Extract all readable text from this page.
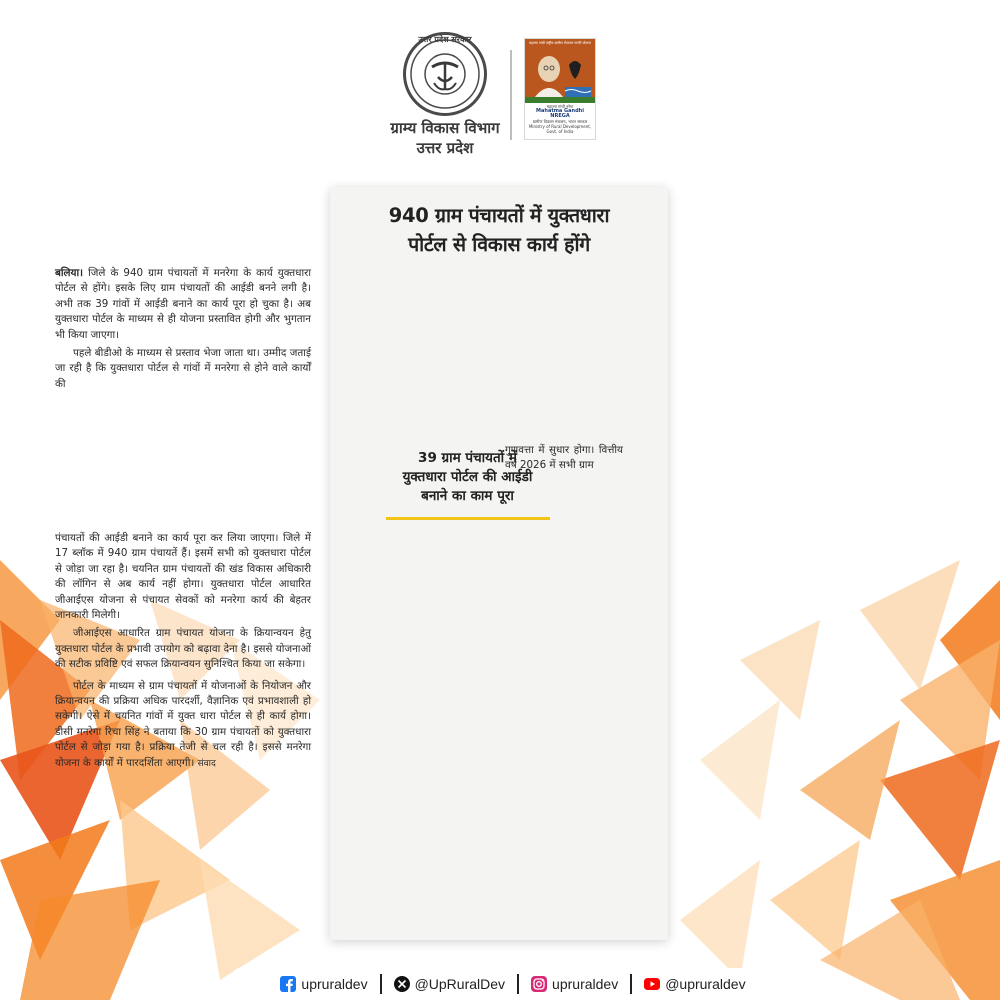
उत्तर प्रदेश सरकार
ग्राम्य विकास विभाग
उत्तर प्रदेश
महात्मा गांधी राष्ट्रीय ग्रामीण रोजगार गारंटी योजना
महात्मा गांधी नरेगा
Mahatma Gandhi NREGA
ग्रामीण विकास मंत्रालय, भारत सरकार
Ministry of Rural Development, Govt. of India
940 ग्राम पंचायतों में युक्तधारा
पोर्टल से विकास कार्य होंगे

बलिया। जिले के 940 ग्राम पंचायतों में मनरेगा के कार्य युक्तधारा पोर्टल से होंगे। इसके लिए ग्राम पंचायतों की आईडी बनने लगी है। अभी तक 39 गांवों में आईडी बनाने का कार्य पूरा हो चुका है। अब युक्तधारा पोर्टल के माध्यम से ही योजना प्रस्तावित होगी और भुगतान भी किया जाएगा।

पहले बीडीओ के माध्यम से प्रस्ताव भेजा जाता था। उम्मीद जताई जा रही है कि युक्तधारा पोर्टल से गांवों में मनरेगा से होने वाले कार्यों की

39 ग्राम पंचायतों में
युक्तधारा पोर्टल की आईडी
बनाने का काम पूरा
गुणवत्ता में सुधार होगा। वित्तीय वर्ष 2026 में सभी ग्राम

पंचायतों की आईडी बनाने का कार्य पूरा कर लिया जाएगा। जिले में 17 ब्लॉक में 940 ग्राम पंचायतें हैं। इसमें सभी को युक्तधारा पोर्टल से जोड़ा जा रहा है। चयनित ग्राम पंचायतों की खंड विकास अधिकारी की लॉगिन से अब कार्य नहीं होगा। युक्तधारा पोर्टल आधारित जीआईएस योजना से पंचायत सेवकों को मनरेगा कार्य की बेहतर जानकारी मिलेगी।

जीआईएस आधारित ग्राम पंचायत योजना के क्रियान्वयन हेतु युक्तधारा पोर्टल के प्रभावी उपयोग को बढ़ावा देना है। इससे योजनाओं की सटीक प्रविष्टि एवं सफल क्रियान्वयन सुनिश्चित किया जा सकेगा।

पोर्टल के माध्यम से ग्राम पंचायतों में योजनाओं के नियोजन और क्रियान्वयन की प्रक्रिया अधिक पारदर्शी, वैज्ञानिक एवं प्रभावशाली हो सकेगी। ऐसे में चयनित गांवों में युक्त धारा पोर्टल से ही कार्य होगा। डीसी मनरेगा रिचा सिंह ने बताया कि 30 ग्राम पंचायतों को युक्तधारा पोर्टल से जोड़ा गया है। प्रक्रिया तेजी से चल रही है। इससे मनरेगा योजना के कार्यों में पारदर्शिता आएगी। संवाद

upruraldev	@UpRuralDev	upruraldev	@upruraldev
